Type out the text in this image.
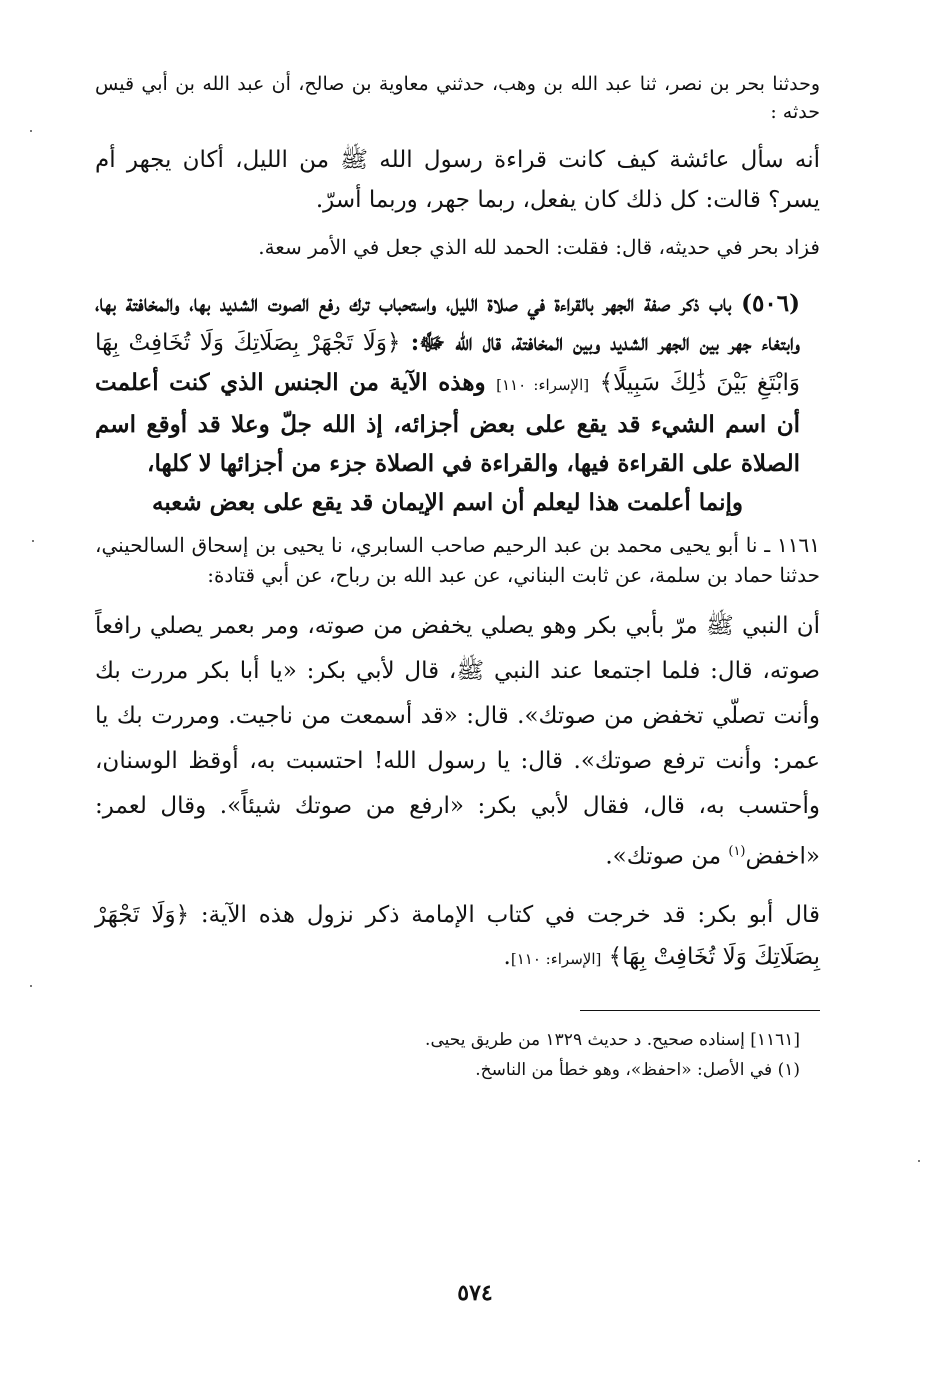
وحدثنا بحر بن نصر، ثنا عبد الله بن وهب، حدثني معاوية بن صالح، أن عبد الله بن أبي قيس حدثه :

أنه سأل عائشة كيف كانت قراءة رسول الله ﷺ من الليل، أكان يجهر أم يسر؟ قالت: كل ذلك كان يفعل، ربما جهر، وربما أسرّ.

فزاد بحر في حديثه، قال: فقلت: الحمد لله الذي جعل في الأمر سعة.

(٥٠٦) باب ذكر صفة الجهر بالقراءة في صلاة الليل، واستحباب ترك رفع الصوت الشديد بها، والمخافتة بها، وابتغاء جهر بين الجهر الشديد وبين المخافتة، قال الله ﷻ: ﴿وَلَا تَجْهَرْ بِصَلَاتِكَ وَلَا تُخَافِتْ بِهَا وَابْتَغِ بَيْنَ ذَٰلِكَ سَبِيلًا﴾ [الإسراء: ١١٠] وهذه الآية من الجنس الذي كنت أعلمت أن اسم الشيء قد يقع على بعض أجزائه، إذ الله جلّ وعلا قد أوقع اسم الصلاة على القراءة فيها، والقراءة في الصلاة جزء من أجزائها لا كلها،

وإنما أعلمت هذا ليعلم أن اسم الإيمان قد يقع على بعض شعبه

١١٦١ ـ نا أبو يحيى محمد بن عبد الرحيم صاحب السابري، نا يحيى بن إسحاق السالحيني، حدثنا حماد بن سلمة، عن ثابت البناني، عن عبد الله بن رباح، عن أبي قتادة:

أن النبي ﷺ مرّ بأبي بكر وهو يصلي يخفض من صوته، ومر بعمر يصلي رافعاً صوته، قال: فلما اجتمعا عند النبي ﷺ، قال لأبي بكر: «يا أبا بكر مررت بك وأنت تصلّي تخفض من صوتك». قال: «قد أسمعت من ناجيت. ومررت بك يا عمر: وأنت ترفع صوتك». قال: يا رسول الله! احتسبت به، أوقظ الوسنان، وأحتسب به، قال، فقال لأبي بكر: «ارفع من صوتك شيئاً». وقال لعمر: «اخفض$^{(١)}$ من صوتك».

قال أبو بكر: قد خرجت في كتاب الإمامة ذكر نزول هذه الآية: ﴿وَلَا تَجْهَرْ بِصَلَاتِكَ وَلَا تُخَافِتْ بِهَا﴾ [الإسراء: ١١٠].

[١١٦١] إسناده صحيح. د حديث ١٣٢٩ من طريق يحيى.

(١) في الأصل: «احفظ»، وهو خطأ من الناسخ.

٥٧٤
